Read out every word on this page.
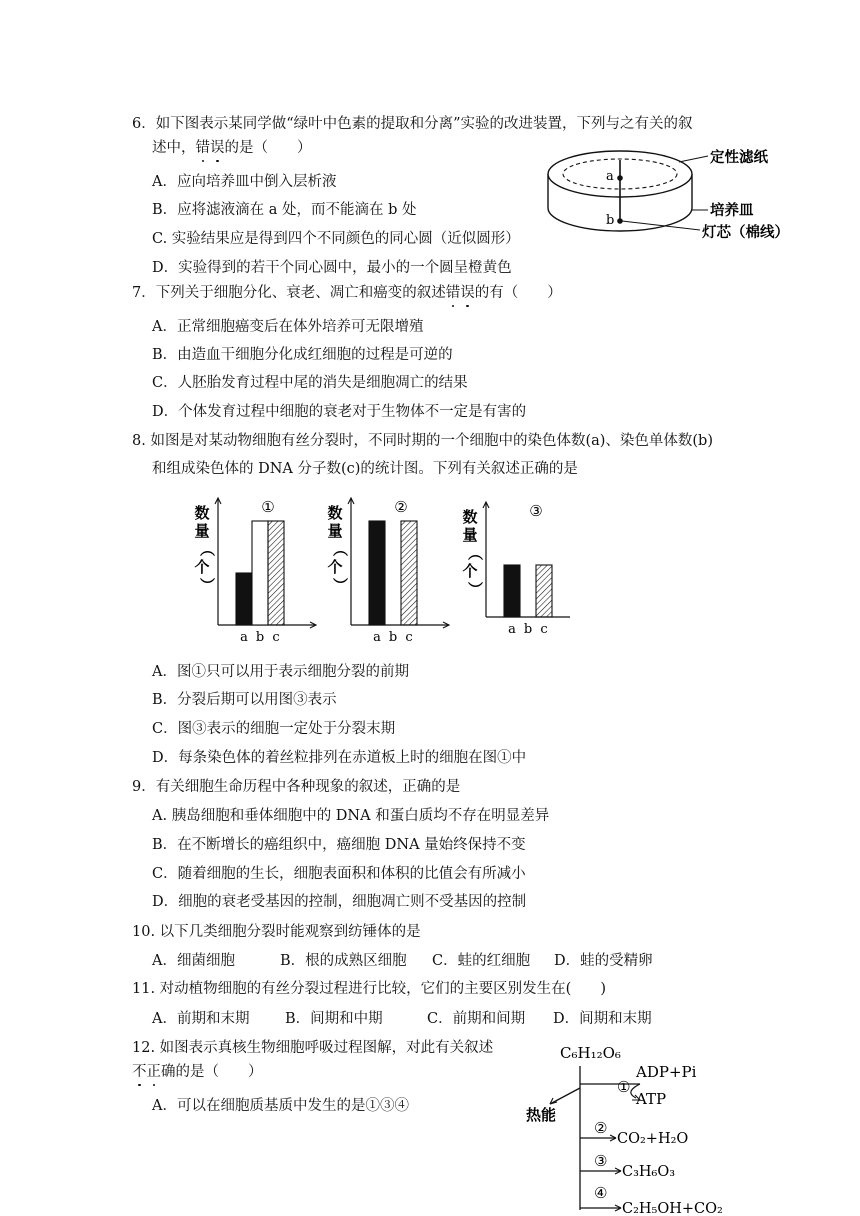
6．如下图表示某同学做“绿叶中色素的提取和分离”实验的改进装置，下列与之有关的叙
述中，错误的是（　　）
A．应向培养皿中倒入层析液
B．应将滤液滴在 a 处，而不能滴在 b 处
C. 实验结果应是得到四个不同颜色的同心圆（近似圆形）
D．实验得到的若干个同心圆中，最小的一个圆呈橙黄色
a
b
定性滤纸
培养皿
灯芯（棉线）
7．下列关于细胞分化、衰老、凋亡和癌变的叙述错误的有（　　）
A．正常细胞癌变后在体外培养可无限增殖
B．由造血干细胞分化成红细胞的过程是可逆的
C．人胚胎发育过程中尾的消失是细胞凋亡的结果
D．个体发育过程中细胞的衰老对于生物体不一定是有害的
8. 如图是对某动物细胞有丝分裂时，不同时期的一个细胞中的染色体数(a)、染色单体数(b)
和组成染色体的 DNA 分子数(c)的统计图。下列有关叙述正确的是
①
数
量
（
个
）
a b c
②
数
量
（
个
）
a b c
③
数
量
（
个
）
a b c
A．图①只可以用于表示细胞分裂的前期
B．分裂后期可以用图③表示
C．图③表示的细胞一定处于分裂末期
D．每条染色体的着丝粒排列在赤道板上时的细胞在图①中
9．有关细胞生命历程中各种现象的叙述，正确的是
A. 胰岛细胞和垂体细胞中的 DNA 和蛋白质均不存在明显差异
B．在不断增长的癌组织中，癌细胞 DNA 量始终保持不变
C．随着细胞的生长，细胞表面积和体积的比值会有所减小
D．细胞的衰老受基因的控制，细胞凋亡则不受基因的控制
10. 以下几类细胞分裂时能观察到纺锤体的是
A．细菌细胞	B．根的成熟区细胞 C．蛙的红细胞 D．蛙的受精卵
11. 对动植物细胞的有丝分裂过程进行比较，它们的主要区别发生在(　　)
A．前期和末期 B．间期和中期	C．前期和间期 D．间期和末期
12. 如图表示真核生物细胞呼吸过程图解，对此有关叙述
不正确的是（　　）
A．可以在细胞质基质中发生的是①③④
C₆H₁₂O₆
ADP+Pi
ATP
①
热能
②
CO₂+H₂O
③
C₃H₆O₃
④
C₂H₅OH+CO₂
